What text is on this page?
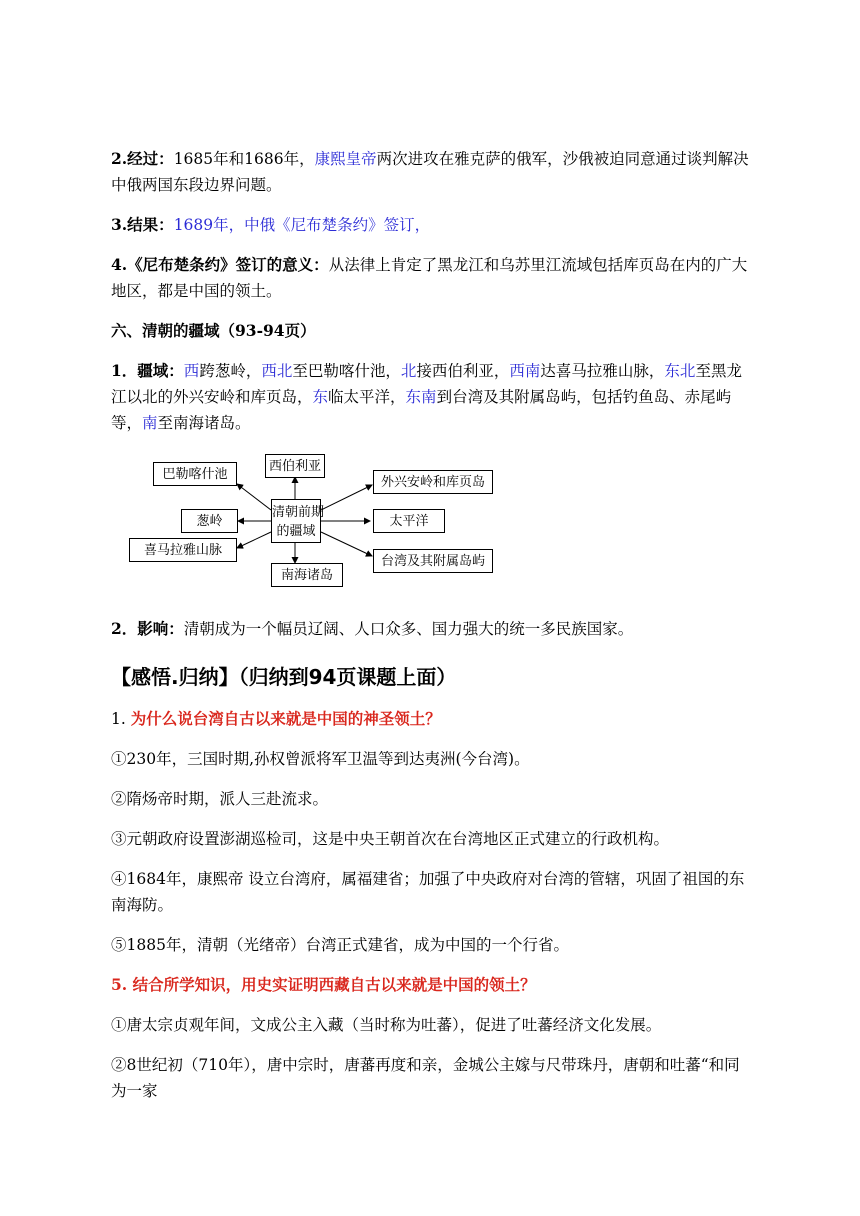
2.经过：1685年和1686年，康熙皇帝两次进攻在雅克萨的俄军，沙俄被迫同意通过谈判解决中俄两国东段边界问题。

3.结果：1689年，中俄《尼布楚条约》签订，

4.《尼布楚条约》签订的意义：从法律上肯定了黑龙江和乌苏里江流域包括库页岛在内的广大地区，都是中国的领土。

六、清朝的疆域（93-94页）

1．疆域：西跨葱岭，西北至巴勒喀什池，北接西伯利亚，西南达喜马拉雅山脉，东北至黑龙江以北的外兴安岭和库页岛，东临太平洋，东南到台湾及其附属岛屿，包括钓鱼岛、赤尾屿等，南至南海诸岛。

清朝前期
的疆域
西伯利亚
巴勒喀什池
葱岭
喜马拉雅山脉
南海诸岛
外兴安岭和库页岛
太平洋
台湾及其附属岛屿

2．影响：清朝成为一个幅员辽阔、人口众多、国力强大的统一多民族国家。

【感悟.归纳】（归纳到94页课题上面）

1. 为什么说台湾自古以来就是中国的神圣领土？

①230年，三国时期,孙权曾派将军卫温等到达夷洲(今台湾)。

②隋炀帝时期，派人三赴流求。

③元朝政府设置澎湖巡检司，这是中央王朝首次在台湾地区正式建立的行政机构。

④1684年，康熙帝 设立台湾府，属福建省；加强了中央政府对台湾的管辖，巩固了祖国的东南海防。

⑤1885年，清朝（光绪帝）台湾正式建省，成为中国的一个行省。

5. 结合所学知识，用史实证明西藏自古以来就是中国的领土？

①唐太宗贞观年间，文成公主入藏（当时称为吐蕃），促进了吐蕃经济文化发展。

②8世纪初（710年），唐中宗时，唐蕃再度和亲，金城公主嫁与尺带珠丹，唐朝和吐蕃“和同为一家
